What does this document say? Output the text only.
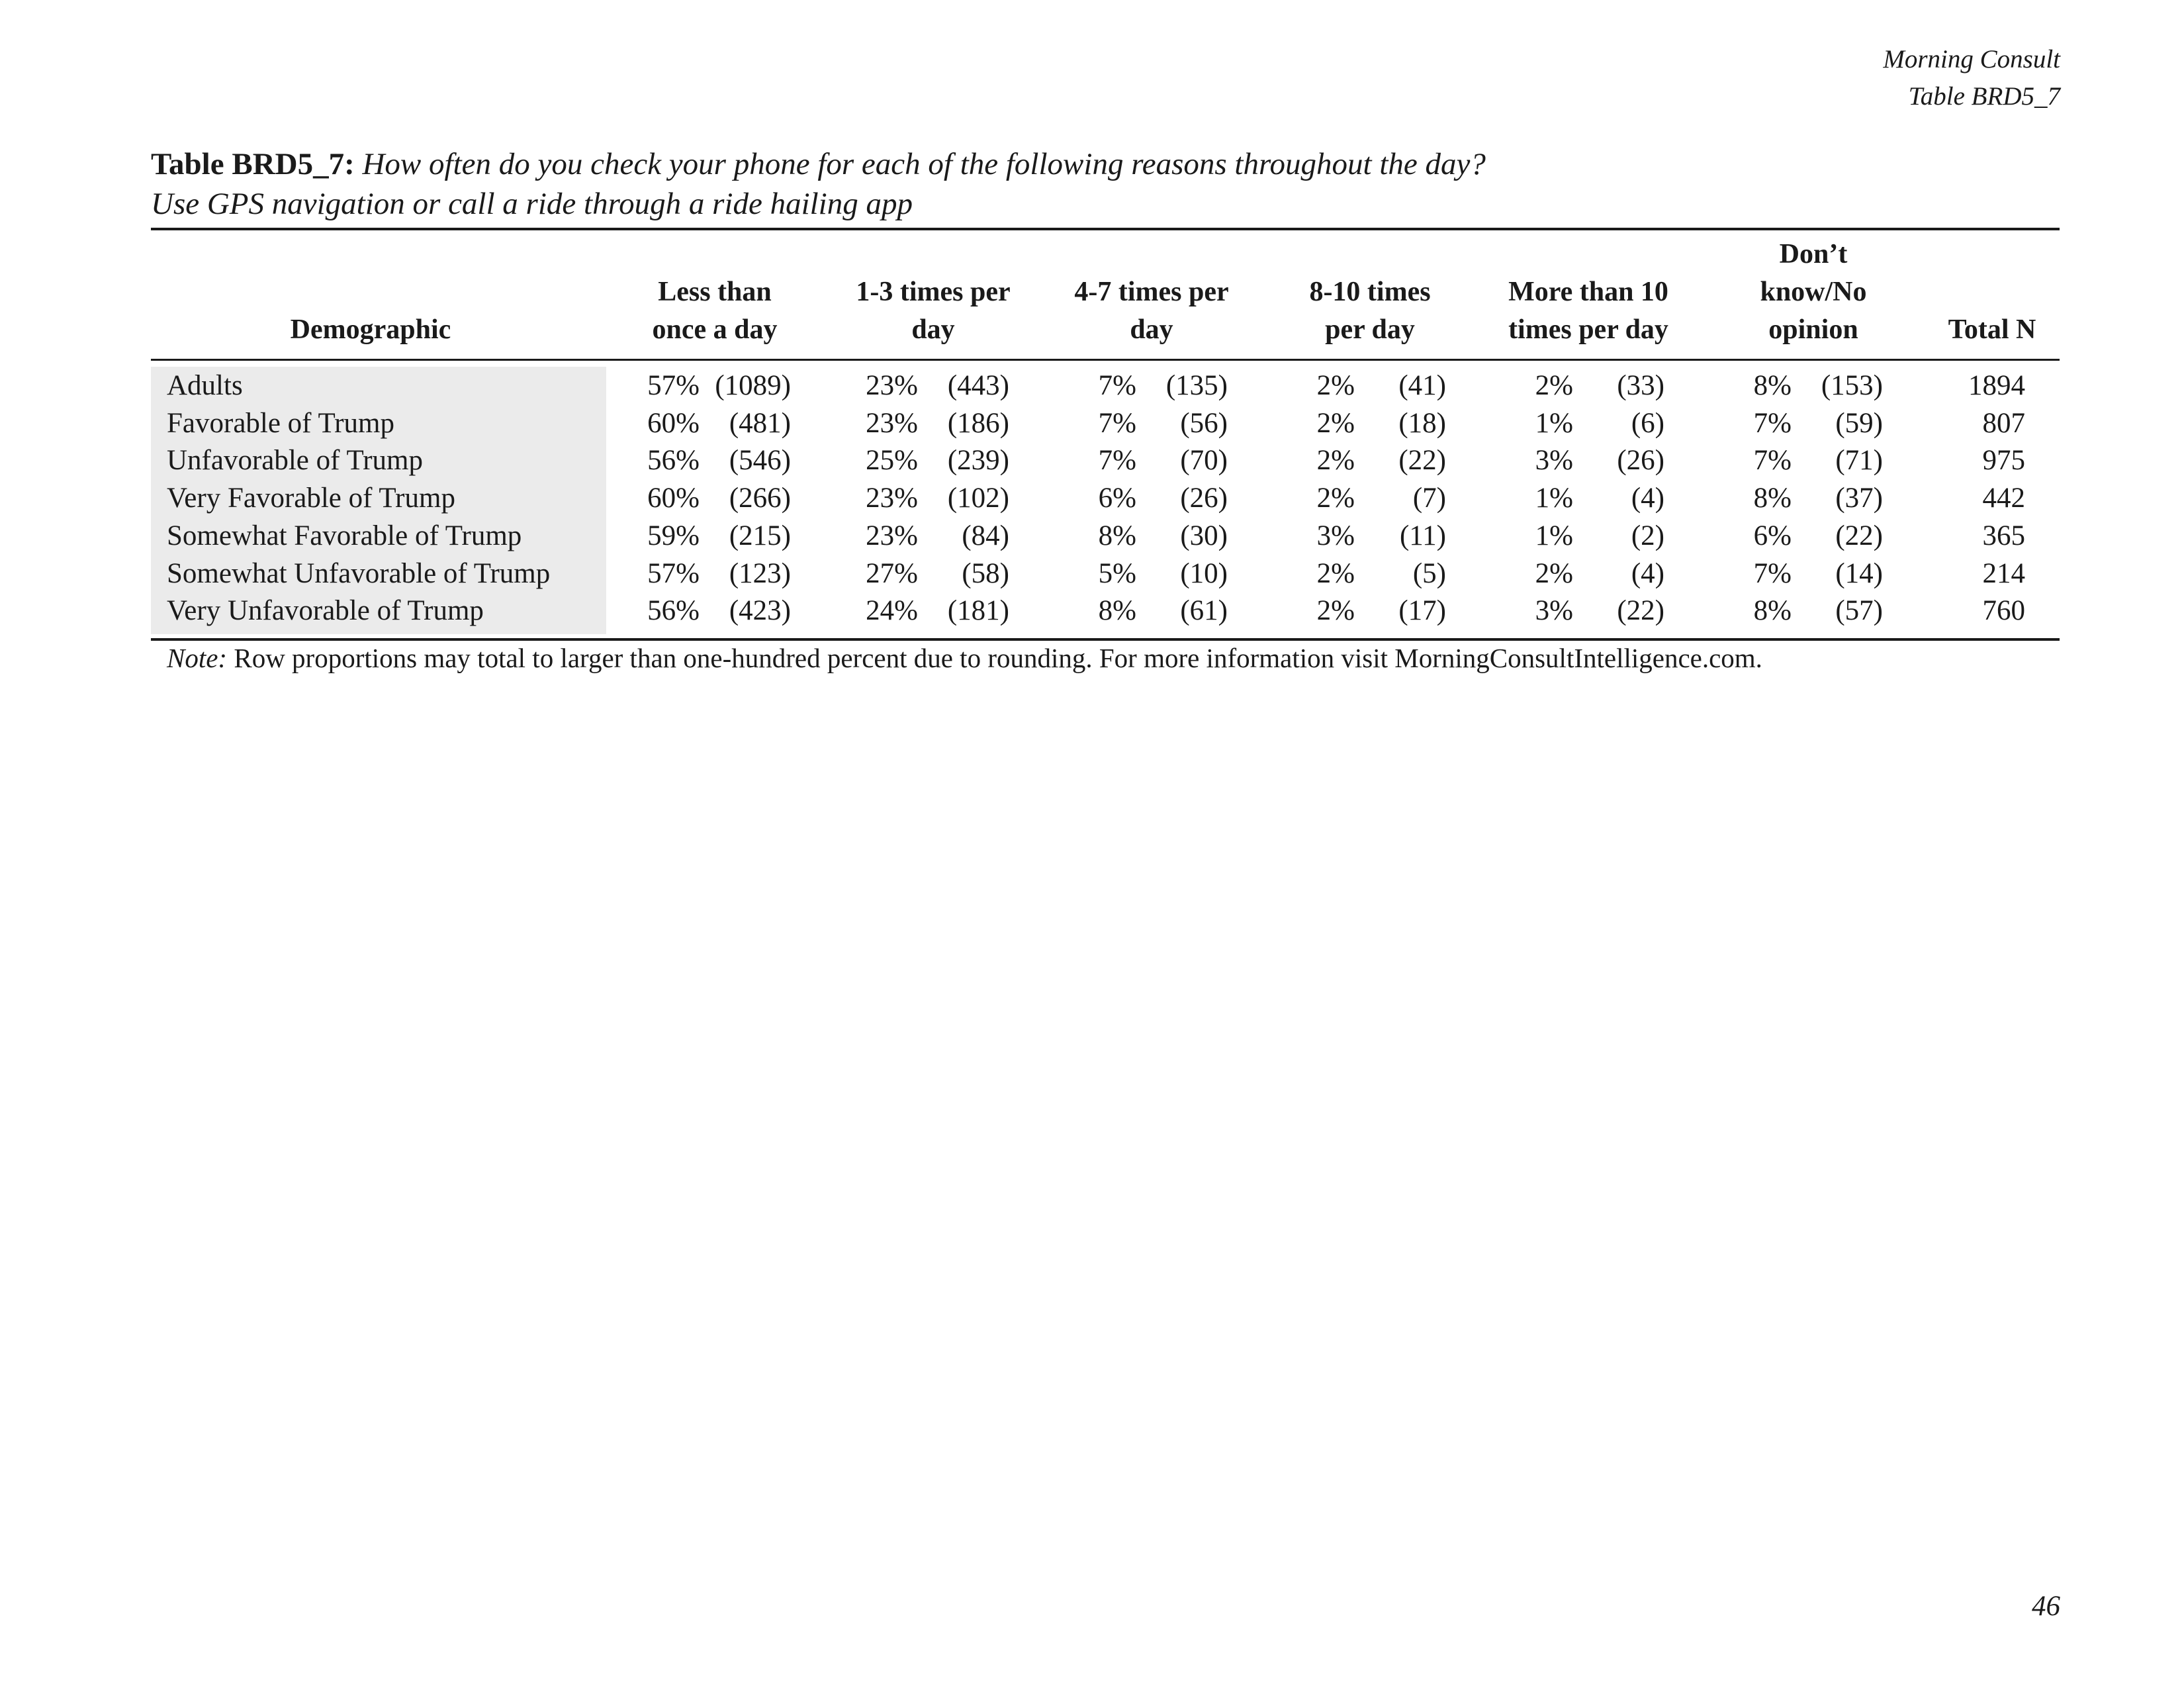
Morning Consult
Table BRD5_7
Table BRD5_7: How often do you check your phone for each of the following reasons throughout the day?
Use GPS navigation or call a ride through a ride hailing app
Demographic
Less than
once a day
1-3 times per
day
4-7 times per
day
8-10 times
per day
More than 10
times per day
Don’t
know/No
opinion	Total N
Adults	57% (1089)	23% (443)	7% (135)	2% (41)	2% (33)	8% (153)	1894
Favorable of Trump	60% (481)	23% (186)	7% (56)	2% (18)	1% (6)	7% (59)	807
Unfavorable of Trump	56% (546)	25% (239)	7% (70)	2% (22)	3% (26)	7% (71)	975
Very Favorable of Trump	60% (266)	23% (102)	6% (26)	2% (7)	1% (4)	8% (37)	442
Somewhat Favorable of Trump	59% (215)	23% (84)	8% (30)	3% (11)	1% (2)	6% (22)	365
Somewhat Unfavorable of Trump	57% (123)	27% (58)	5% (10)	2% (5)	2% (4)	7% (14)	214
Very Unfavorable of Trump	56% (423)	24% (181)	8% (61)	2% (17)	3% (22)	8% (57)	760
Note: Row proportions may total to larger than one-hundred percent due to rounding. For more information visit MorningConsultIntelligence.com.
46
